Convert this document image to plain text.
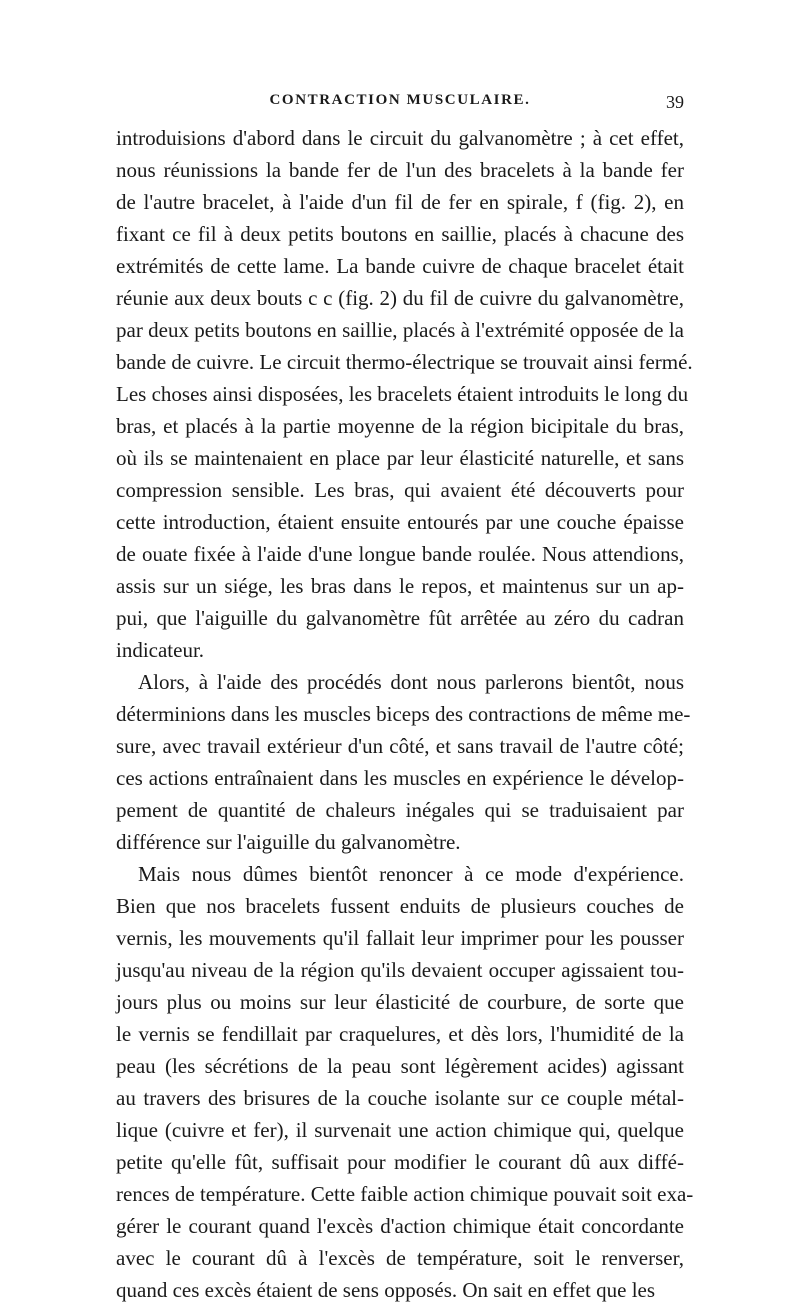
CONTRACTION MUSCULAIRE.	39
introduisions d'abord dans le circuit du galvanomètre ; à cet effet,
nous réunissions la bande fer de l'un des bracelets à la bande fer
de l'autre bracelet, à l'aide d'un fil de fer en spirale, f (fig. 2), en
fixant ce fil à deux petits boutons en saillie, placés à chacune des
extrémités de cette lame. La bande cuivre de chaque bracelet était
réunie aux deux bouts c c (fig. 2) du fil de cuivre du galvanomètre,
par deux petits boutons en saillie, placés à l'extrémité opposée de la
bande de cuivre. Le circuit thermo-électrique se trouvait ainsi fermé.
Les choses ainsi disposées, les bracelets étaient introduits le long du
bras, et placés à la partie moyenne de la région bicipitale du bras,
où ils se maintenaient en place par leur élasticité naturelle, et sans
compression sensible. Les bras, qui avaient été découverts pour
cette introduction, étaient ensuite entourés par une couche épaisse
de ouate fixée à l'aide d'une longue bande roulée. Nous attendions,
assis sur un siége, les bras dans le repos, et maintenus sur un ap-
pui, que l'aiguille du galvanomètre fût arrêtée au zéro du cadran
indicateur.
Alors, à l'aide des procédés dont nous parlerons bientôt, nous
déterminions dans les muscles biceps des contractions de même me-
sure, avec travail extérieur d'un côté, et sans travail de l'autre côté;
ces actions entraînaient dans les muscles en expérience le dévelop-
pement de quantité de chaleurs inégales qui se traduisaient par
différence sur l'aiguille du galvanomètre.
Mais nous dûmes bientôt renoncer à ce mode d'expérience.
Bien que nos bracelets fussent enduits de plusieurs couches de
vernis, les mouvements qu'il fallait leur imprimer pour les pousser
jusqu'au niveau de la région qu'ils devaient occuper agissaient tou-
jours plus ou moins sur leur élasticité de courbure, de sorte que
le vernis se fendillait par craquelures, et dès lors, l'humidité de la
peau (les sécrétions de la peau sont légèrement acides) agissant
au travers des brisures de la couche isolante sur ce couple métal-
lique (cuivre et fer), il survenait une action chimique qui, quelque
petite qu'elle fût, suffisait pour modifier le courant dû aux diffé-
rences de température. Cette faible action chimique pouvait soit exa-
gérer le courant quand l'excès d'action chimique était concordante
avec le courant dû à l'excès de température, soit le renverser,
quand ces excès étaient de sens opposés. On sait en effet que les
